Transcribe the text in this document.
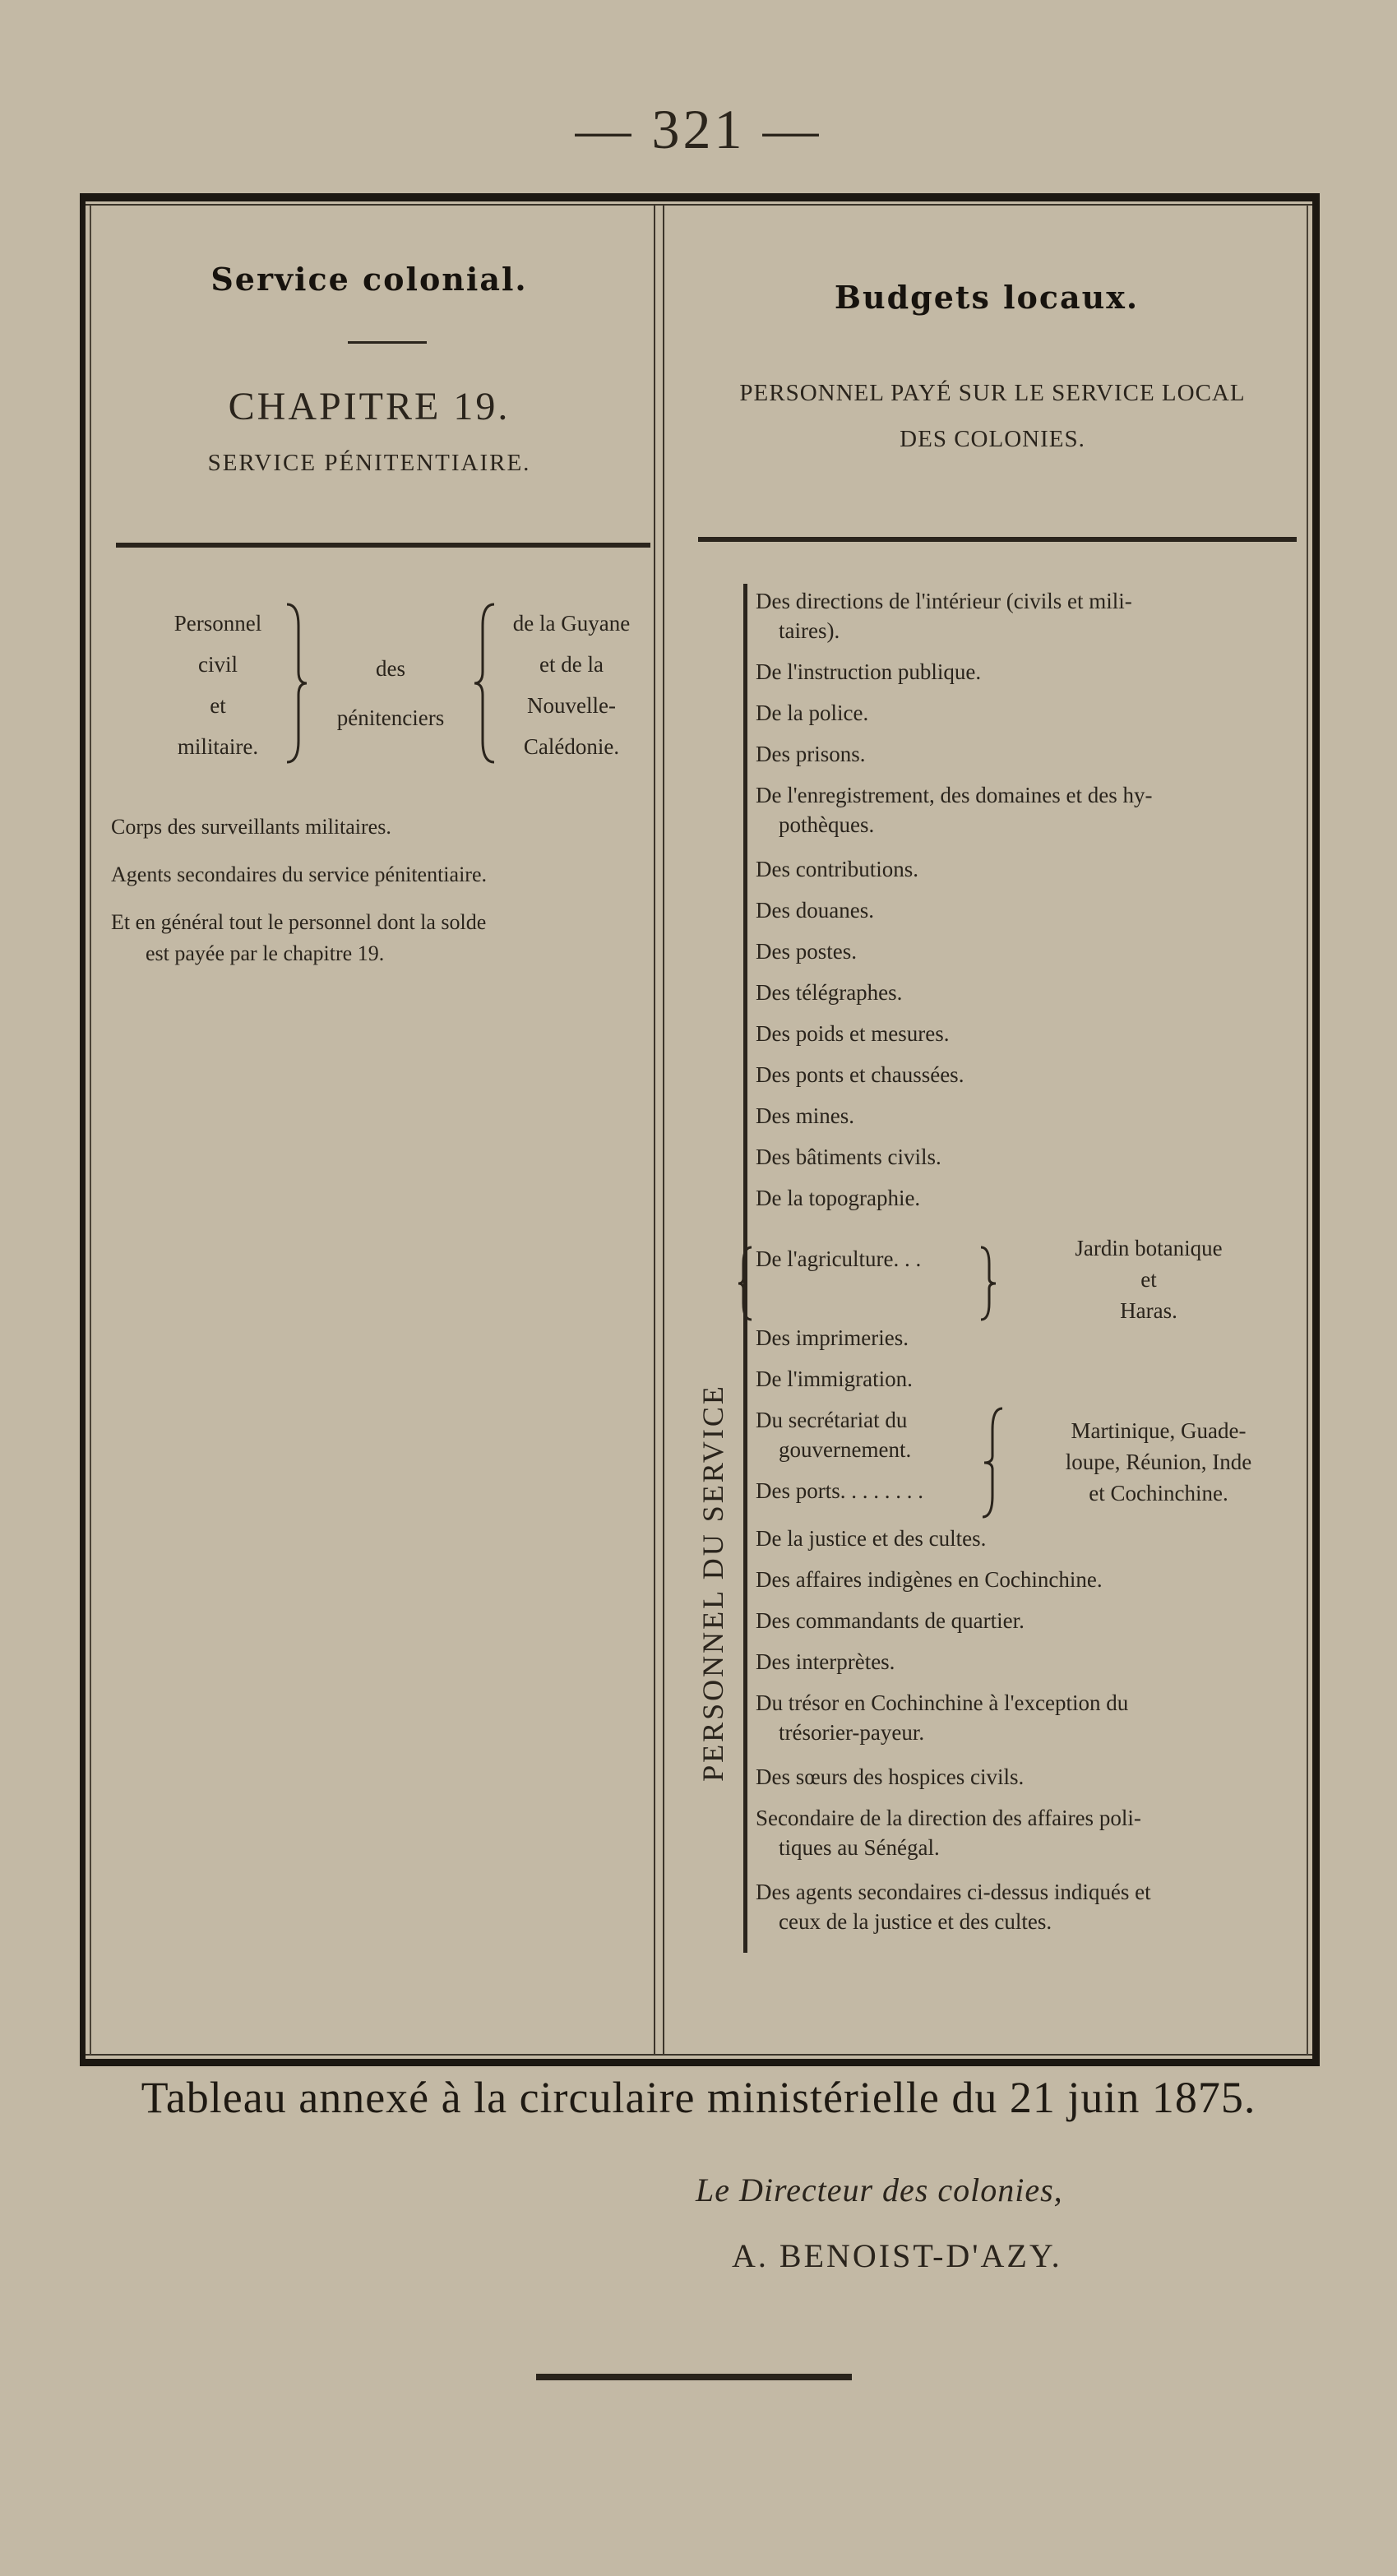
— 321 —
Service colonial.
CHAPITRE 19.
SERVICE PÉNITENTIAIRE.
Personnel
civil
et
militaire.
des
pénitenciers
de la Guyane
et de la
Nouvelle-
Calédonie.
Corps des surveillants militaires.
Agents secondaires du service pénitentiaire.
Et en général tout le personnel dont la solde
est payée par le chapitre 19.
Budgets locaux.
PERSONNEL PAYÉ SUR LE SERVICE LOCAL
DES COLONIES.
PERSONNEL DU SERVICE
Des directions de l'intérieur (civils et mili-
taires).
De l'instruction publique.
De la police.
Des prisons.
De l'enregistrement, des domaines et des hy-
pothèques.
Des contributions.
Des douanes.
Des postes.
Des télégraphes.
Des poids et mesures.
Des ponts et chaussées.
Des mines.
Des bâtiments civils.
De la topographie.
De l'agriculture. . .
Des imprimeries.
De l'immigration.
Du secrétariat du
gouvernement.
Des ports. . . . . . . .
De la justice et des cultes.
Des affaires indigènes en Cochinchine.
Des commandants de quartier.
Des interprètes.
Du trésor en Cochinchine à l'exception du
trésorier-payeur.
Des sœurs des hospices civils.
Secondaire de la direction des affaires poli-
tiques au Sénégal.
Des agents secondaires ci-dessus indiqués et
ceux de la justice et des cultes.
Jardin botanique
et
Haras.
Martinique, Guade-
loupe, Réunion, Inde
et Cochinchine.
Tableau annexé à la circulaire ministérielle du 21 juin 1875.
Le Directeur des colonies,
A. BENOIST-D'AZY.
